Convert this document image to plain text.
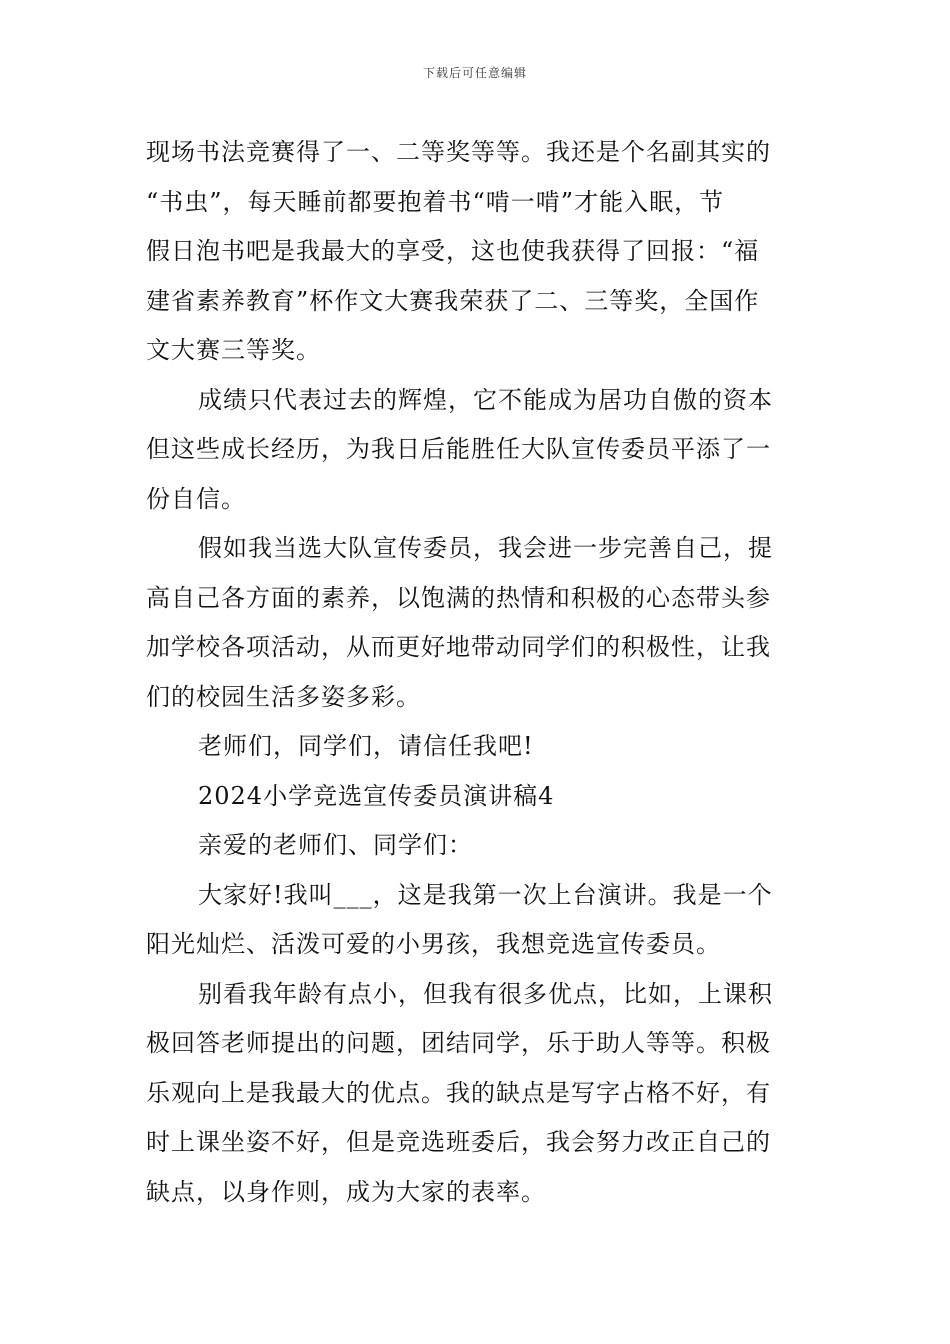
下载后可任意编辑
现场书法竞赛得了一、二等奖等等。我还是个名副其实的
“书虫”，每天睡前都要抱着书“啃一啃”才能入眠，节
假日泡书吧是我最大的享受，这也使我获得了回报：“福
建省素养教育”杯作文大赛我荣获了二、三等奖，全国作
文大赛三等奖。
成绩只代表过去的辉煌，它不能成为居功自傲的资本
但这些成长经历，为我日后能胜任大队宣传委员平添了一
份自信。
假如我当选大队宣传委员，我会进一步完善自己，提
高自己各方面的素养，以饱满的热情和积极的心态带头参
加学校各项活动，从而更好地带动同学们的积极性，让我
们的校园生活多姿多彩。
老师们，同学们，请信任我吧!
2024小学竞选宣传委员演讲稿4
亲爱的老师们、同学们：
大家好!我叫___，这是我第一次上台演讲。我是一个
阳光灿烂、活泼可爱的小男孩，我想竞选宣传委员。
别看我年龄有点小，但我有很多优点，比如，上课积
极回答老师提出的问题，团结同学，乐于助人等等。积极
乐观向上是我最大的优点。我的缺点是写字占格不好，有
时上课坐姿不好，但是竞选班委后，我会努力改正自己的
缺点，以身作则，成为大家的表率。
